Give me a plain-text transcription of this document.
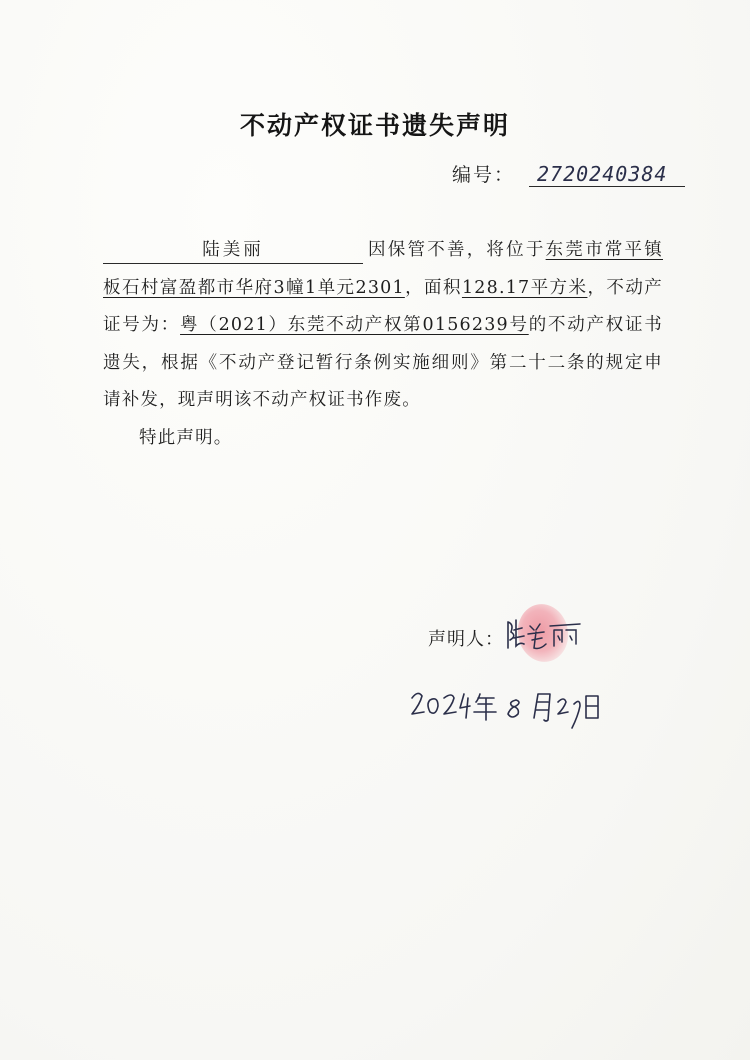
不动产权证书遗失声明
编号： 2720240384

陆美丽	因保管不善，将位于东莞市常平镇板石村富盈都市华府3幢1单元2301，面积128.17平方米，不动产证号为：粤（2021）东莞不动产权第0156239号的不动产权证书遗失，根据《不动产登记暂行条例实施细则》第二十二条的规定申请补发，现声明该不动产权证书作废。

特此声明。

声明人：
